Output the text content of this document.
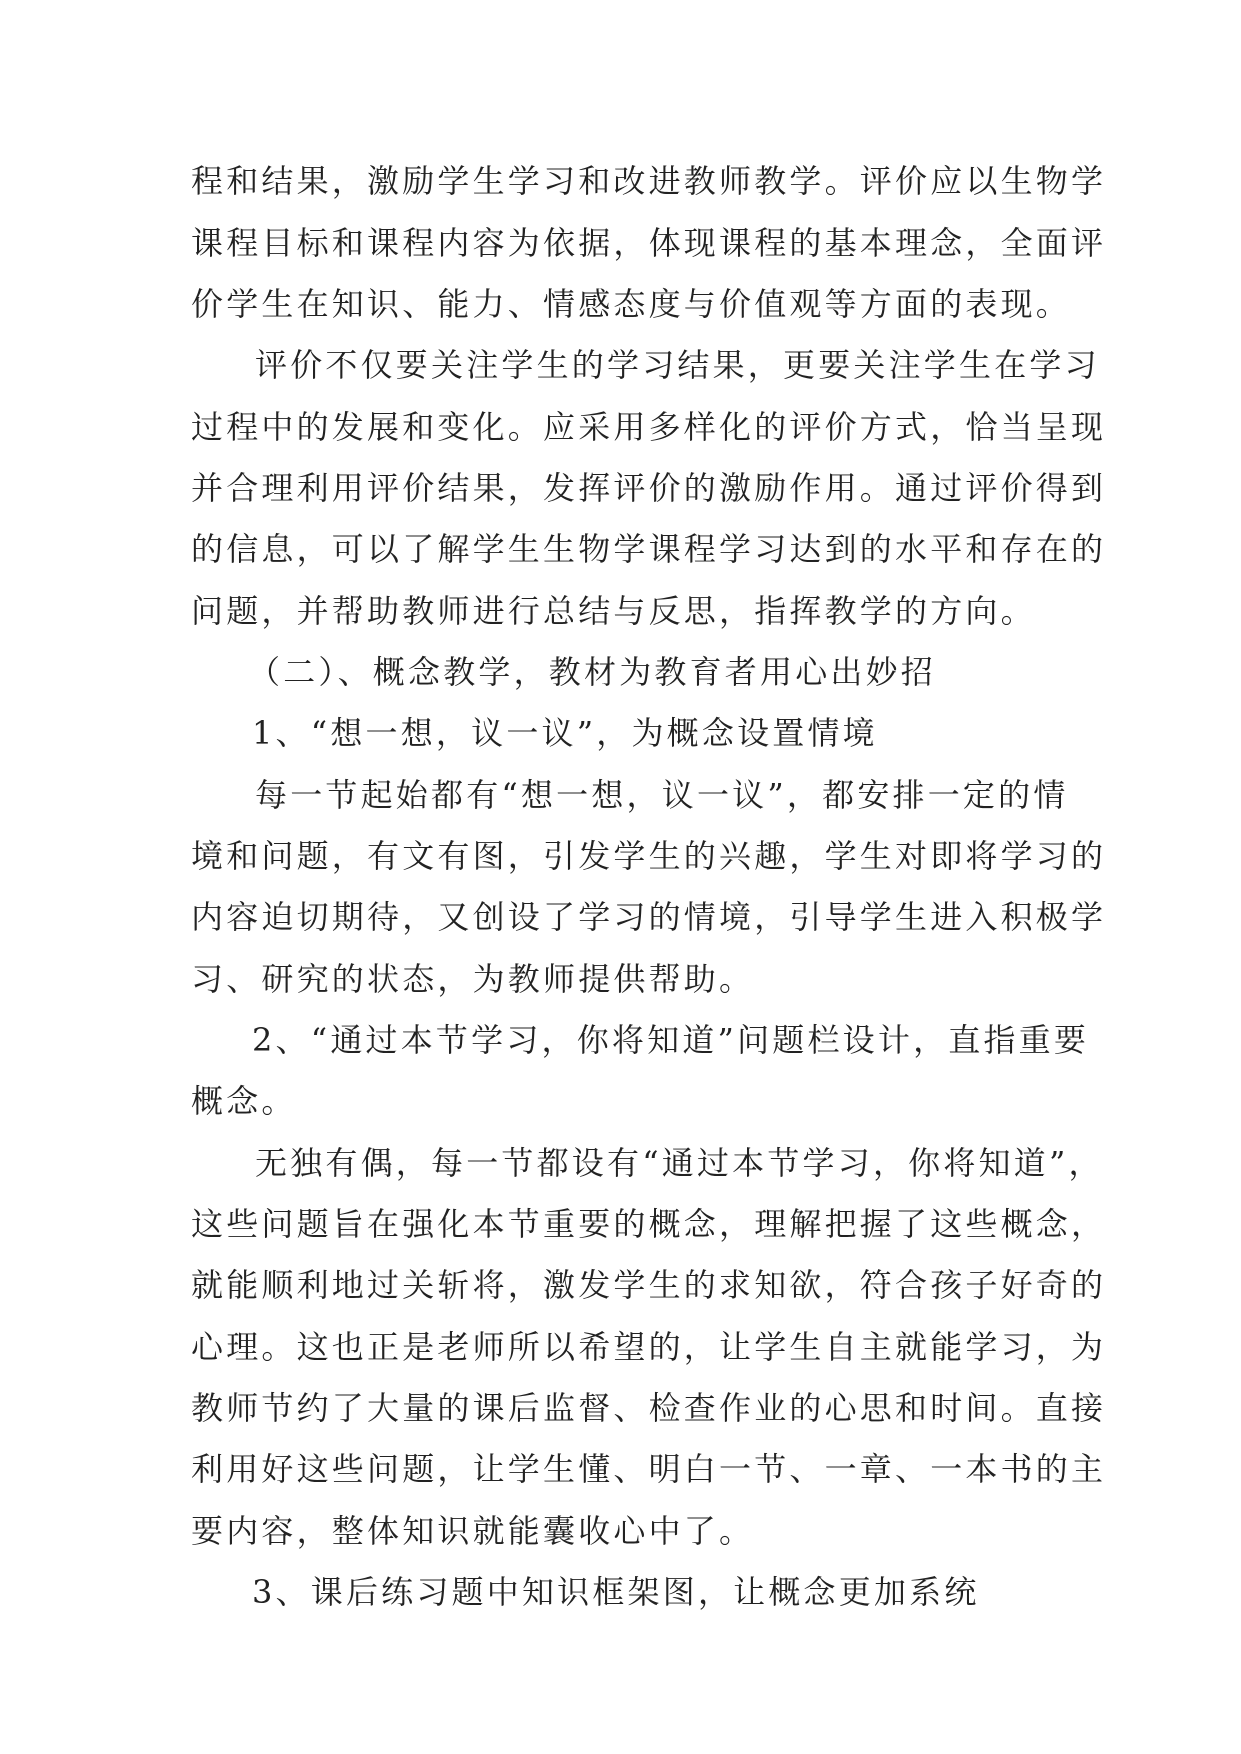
程和结果，激励学生学习和改进教师教学。评价应以生物学
课程目标和课程内容为依据，体现课程的基本理念，全面评
价学生在知识、能力、情感态度与价值观等方面的表现。
评价不仅要关注学生的学习结果，更要关注学生在学习
过程中的发展和变化。应采用多样化的评价方式，恰当呈现
并合理利用评价结果，发挥评价的激励作用。通过评价得到
的信息，可以了解学生生物学课程学习达到的水平和存在的
问题，并帮助教师进行总结与反思，指挥教学的方向。
（二）、概念教学，教材为教育者用心出妙招
1、“想一想，议一议”，为概念设置情境
每一节起始都有“想一想，议一议”，都安排一定的情
境和问题，有文有图，引发学生的兴趣，学生对即将学习的
内容迫切期待，又创设了学习的情境，引导学生进入积极学
习、研究的状态，为教师提供帮助。
2、“通过本节学习，你将知道”问题栏设计，直指重要
概念。
无独有偶，每一节都设有“通过本节学习，你将知道”，
这些问题旨在强化本节重要的概念，理解把握了这些概念，
就能顺利地过关斩将，激发学生的求知欲，符合孩子好奇的
心理。这也正是老师所以希望的，让学生自主就能学习，为
教师节约了大量的课后监督、检查作业的心思和时间。直接
利用好这些问题，让学生懂、明白一节、一章、一本书的主
要内容，整体知识就能囊收心中了。
3、课后练习题中知识框架图，让概念更加系统
